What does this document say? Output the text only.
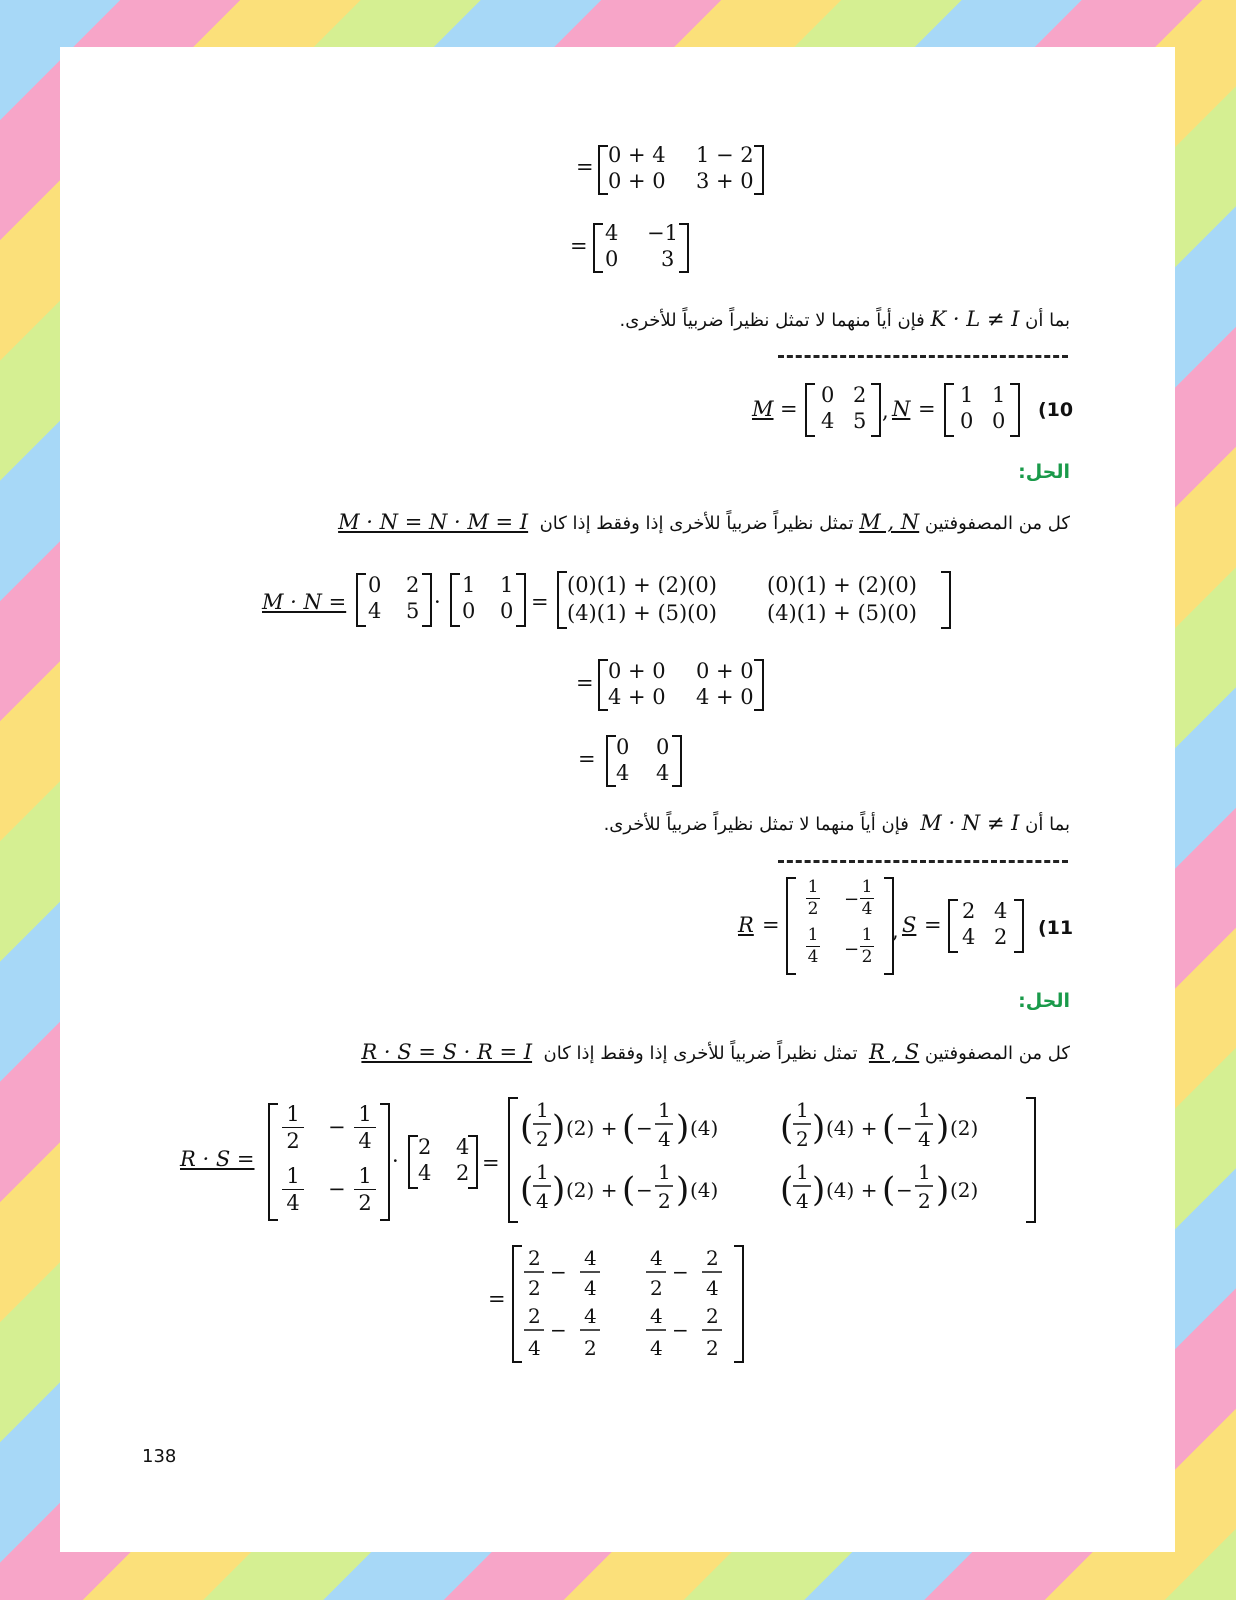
= 0 + 4 1 − 2
0 + 0 3 + 0
=
4 −1
0 3
بما أن K · L ≠ I فإن أياً منهما لا تمثل نظيراً ضربياً للأخرى.
(10
M =
0 2
4 5 , N =
1 1
0 0
الحل:
كل من المصفوفتين M , N تمثل نظيراً ضربياً للأخرى إذا وفقط إذا كان  M · N = N · M = I
M · N =
0 2
4 5 ·
1 1
0 0 =
(0)(1) + (2)(0) (0)(1) + (2)(0)
(4)(1) + (5)(0) (4)(1) + (5)(0)
= 0 + 0 0 + 0
4 + 0 4 + 0
= 0 0
4 4
بما أن M · N ≠ I  فإن أياً منهما لا تمثل نظيراً ضربياً للأخرى.
(11
R =
1
2 −
1
4
1
4 −
1
2
, S =
2 4
4 2
الحل:
كل من المصفوفتين R , S  تمثل نظيراً ضربياً للأخرى إذا وفقط إذا كان  R · S = S · R = I
R · S =
1
2
−
1
4
1
4
−
1
2
·
2 4
4 2 =
( 1
2 ) (2) + ( −
1
4 ) (4) ( 1
2 ) (4) + ( −
1
4 ) (2)
( 1
4 ) (2) + ( −
1
2 ) (4) ( 1
4 ) (4) + ( −
1
2 ) (2)
=
2
2
−
4
4
4
2
−
2
4
2
4
−
4
2
4
4
−
2
2
138
